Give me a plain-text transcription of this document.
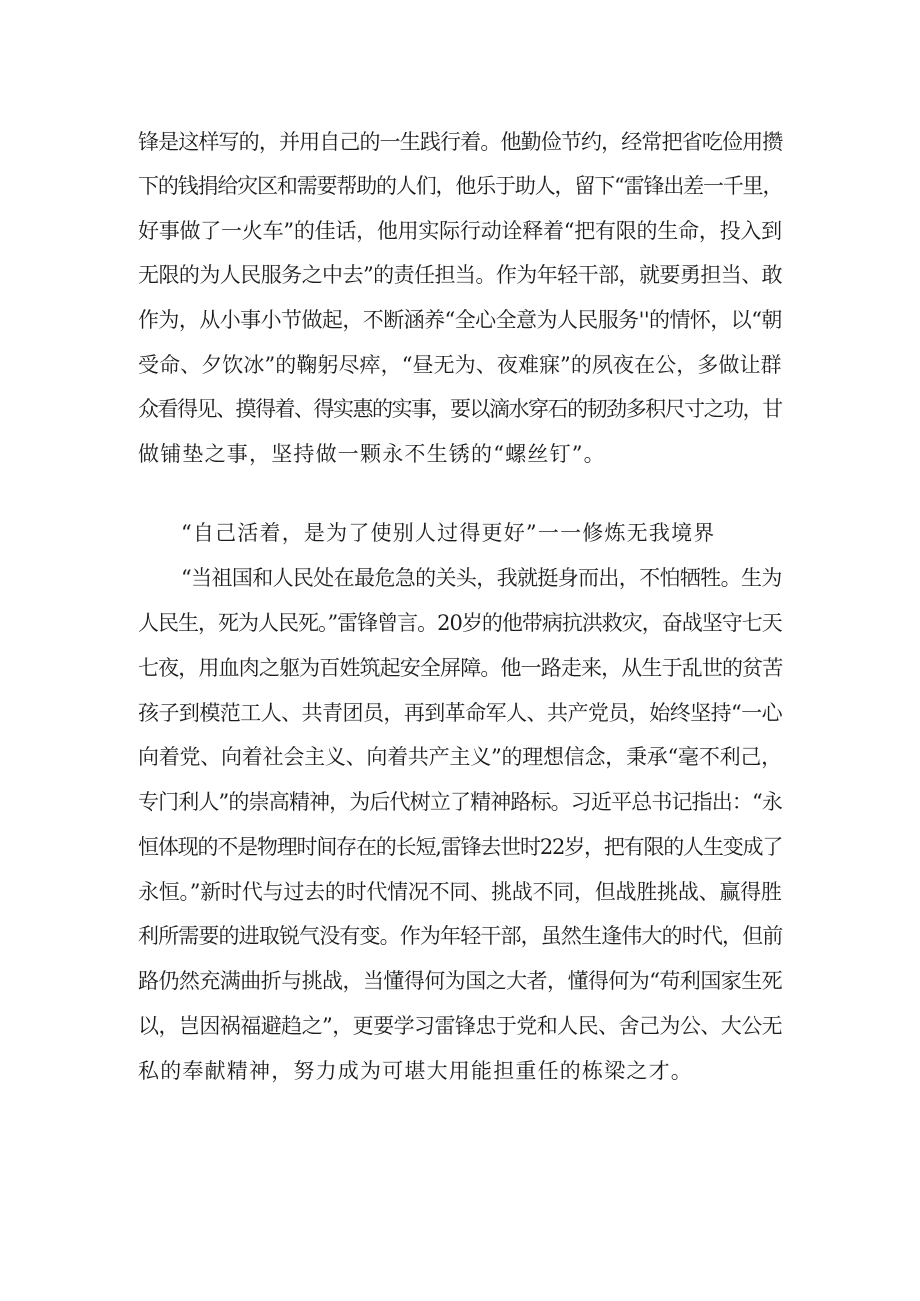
锋是这样写的，并用自己的一生践行着。他勤俭节约，经常把省吃俭用攒
下的钱捐给灾区和需要帮助的人们，他乐于助人，留下“雷锋出差一千里，
好事做了一火车”的佳话，他用实际行动诠释着“把有限的生命，投入到
无限的为人民服务之中去”的责任担当。作为年轻干部，就要勇担当、敢
作为，从小事小节做起，不断涵养“全心全意为人民服务''的情怀，以“朝
受命、夕饮冰”的鞠躬尽瘁，“昼无为、夜难寐”的夙夜在公，多做让群
众看得见、摸得着、得实惠的实事，要以滴水穿石的韧劲多积尺寸之功，甘
做铺垫之事，坚持做一颗永不生锈的“螺丝钉”。
“自己活着，是为了使别人过得更好”一一修炼无我境界
“当祖国和人民处在最危急的关头，我就挺身而出，不怕牺牲。生为
人民生，死为人民死。”雷锋曾言。20岁的他带病抗洪救灾，奋战坚守七天
七夜，用血肉之躯为百姓筑起安全屏障。他一路走来，从生于乱世的贫苦
孩子到模范工人、共青团员，再到革命军人、共产党员，始终坚持“一心
向着党、向着社会主义、向着共产主义”的理想信念，秉承“毫不利己，
专门利人”的崇高精神，为后代树立了精神路标。习近平总书记指出：“永
恒体现的不是物理时间存在的长短,雷锋去世时22岁，把有限的人生变成了
永恒。”新时代与过去的时代情况不同、挑战不同，但战胜挑战、赢得胜
利所需要的进取锐气没有变。作为年轻干部，虽然生逢伟大的时代，但前
路仍然充满曲折与挑战，当懂得何为国之大者，懂得何为“苟利国家生死
以，岂因祸福避趋之”，更要学习雷锋忠于党和人民、舍己为公、大公无
私的奉献精神，努力成为可堪大用能担重任的栋梁之才。
